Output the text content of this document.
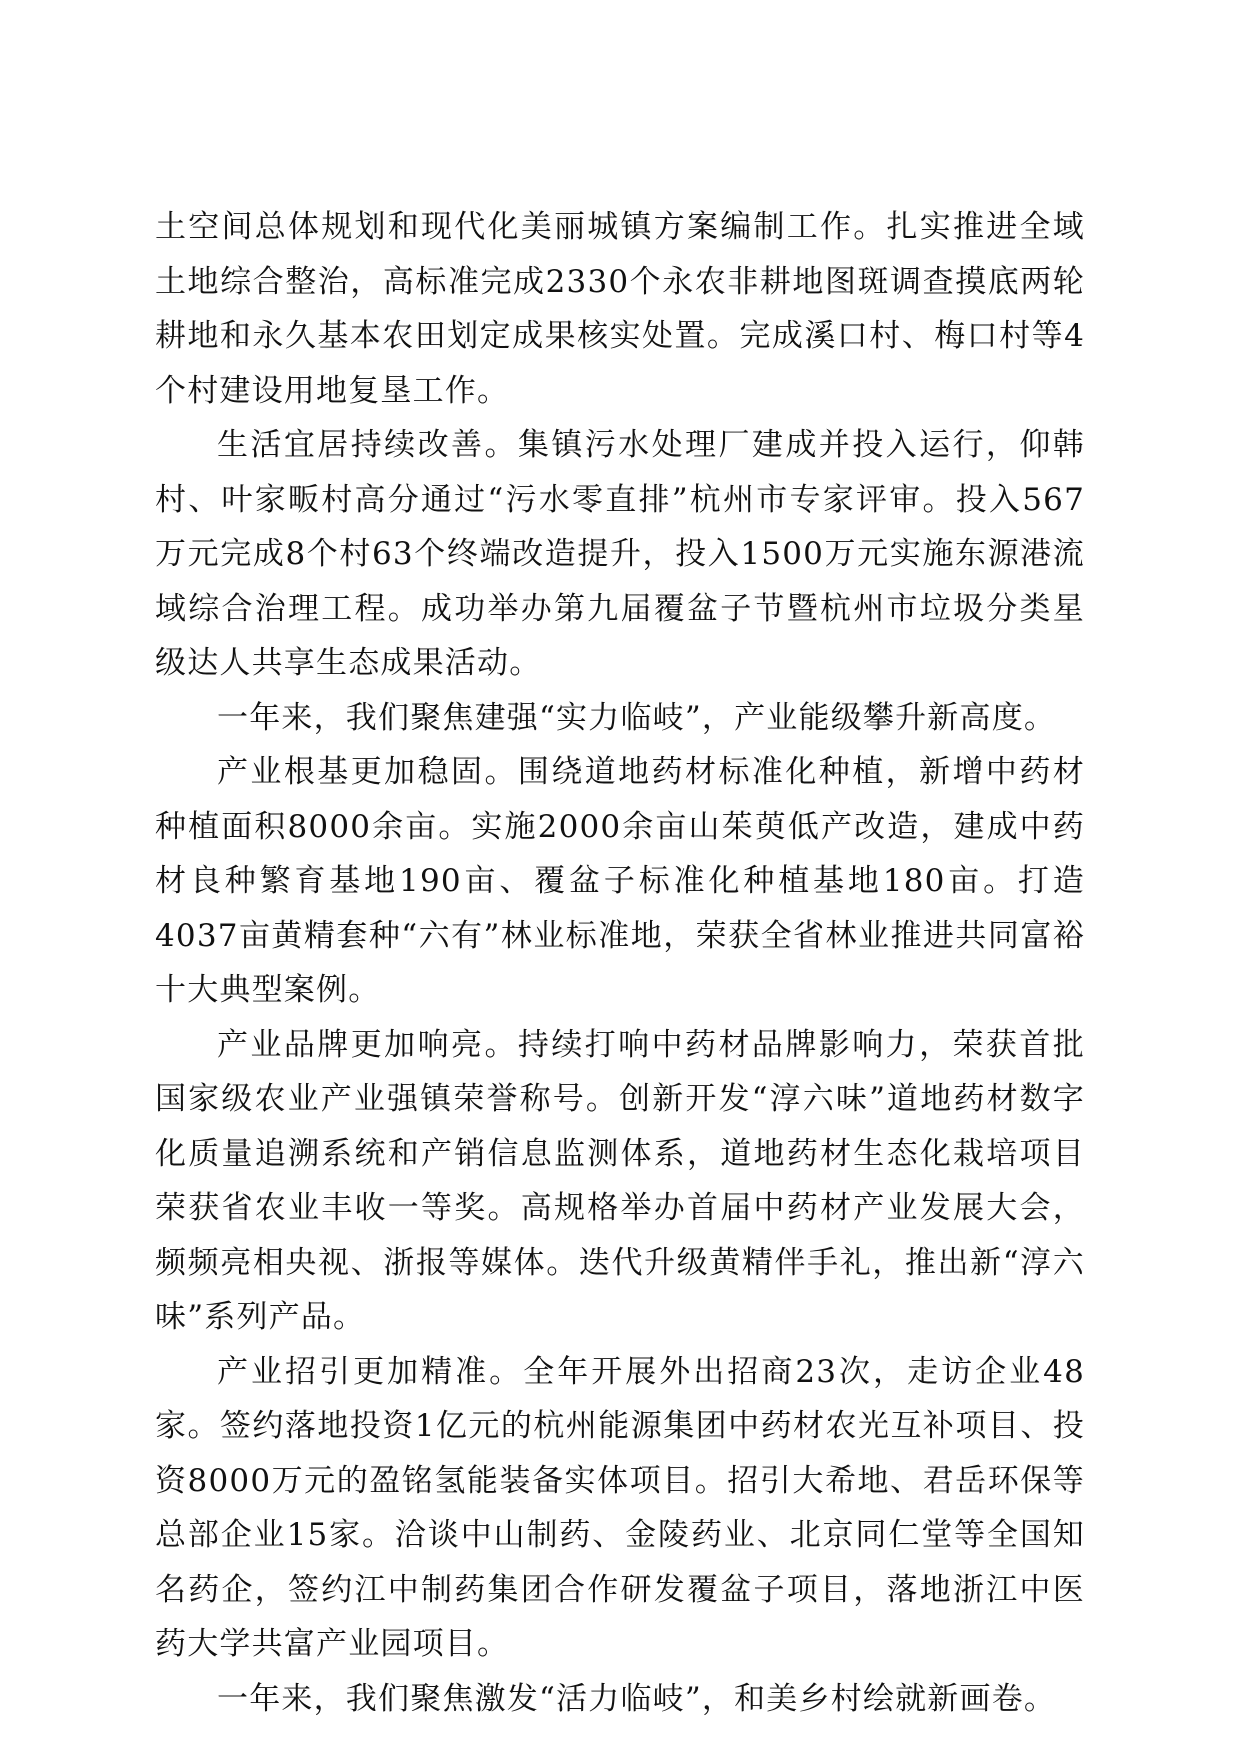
土空间总体规划和现代化美丽城镇方案编制工作。扎实推进全域土地综合整治，高标准完成2330个永农非耕地图斑调查摸底两轮耕地和永久基本农田划定成果核实处置。完成溪口村、梅口村等4个村建设用地复垦工作。

生活宜居持续改善。集镇污水处理厂建成并投入运行，仰韩村、叶家畈村高分通过“污水零直排”杭州市专家评审。投入567万元完成8个村63个终端改造提升，投入1500万元实施东源港流域综合治理工程。成功举办第九届覆盆子节暨杭州市垃圾分类星级达人共享生态成果活动。

一年来，我们聚焦建强“实力临岐”，产业能级攀升新高度。

产业根基更加稳固。围绕道地药材标准化种植，新增中药材种植面积8000余亩。实施2000余亩山茱萸低产改造，建成中药材良种繁育基地190亩、覆盆子标准化种植基地180亩。打造4037亩黄精套种“六有”林业标准地，荣获全省林业推进共同富裕十大典型案例。

产业品牌更加响亮。持续打响中药材品牌影响力，荣获首批国家级农业产业强镇荣誉称号。创新开发“淳六味”道地药材数字化质量追溯系统和产销信息监测体系，道地药材生态化栽培项目荣获省农业丰收一等奖。高规格举办首届中药材产业发展大会，频频亮相央视、浙报等媒体。迭代升级黄精伴手礼，推出新“淳六味”系列产品。

产业招引更加精准。全年开展外出招商23次，走访企业48家。签约落地投资1亿元的杭州能源集团中药材农光互补项目、投资8000万元的盈铭氢能装备实体项目。招引大希地、君岳环保等总部企业15家。洽谈中山制药、金陵药业、北京同仁堂等全国知名药企，签约江中制药集团合作研发覆盆子项目，落地浙江中医药大学共富产业园项目。

一年来，我们聚焦激发“活力临岐”，和美乡村绘就新画卷。
